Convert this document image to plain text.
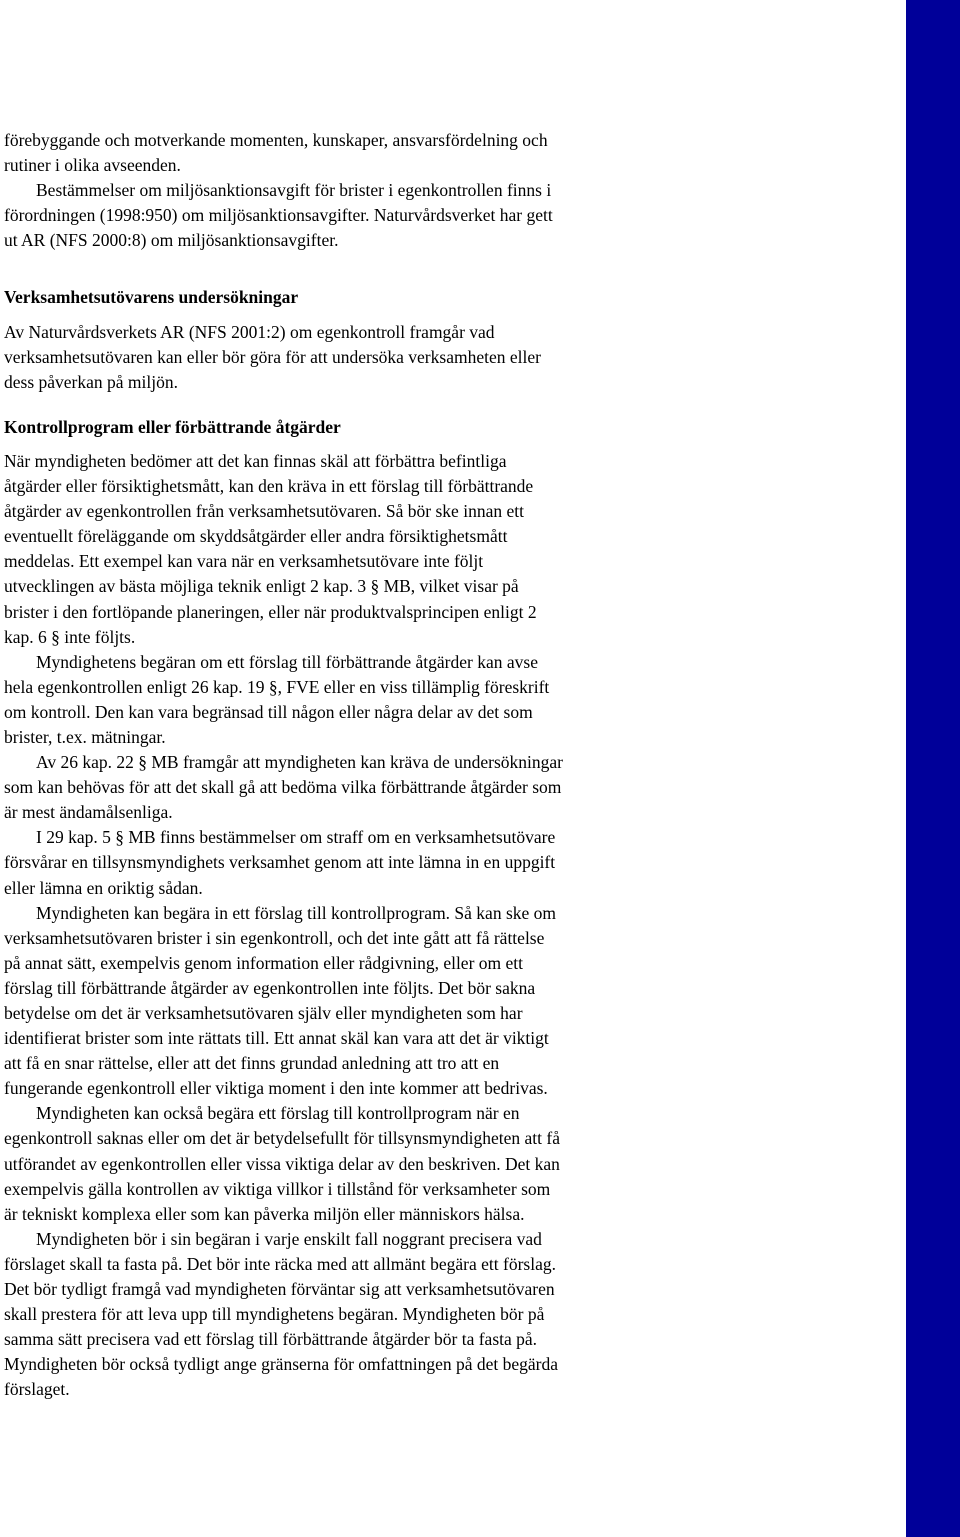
förebyggande och motverkande momenten, kunskaper, ansvarsfördelning och
rutiner i olika avseenden.

Bestämmelser om miljösanktionsavgift för brister i egenkontrollen finns i
förordningen (1998:950) om miljösanktionsavgifter. Naturvårdsverket har gett
ut AR (NFS 2000:8) om miljösanktionsavgifter.

Verksamhetsutövarens undersökningar

Av Naturvårdsverkets AR (NFS 2001:2) om egenkontroll framgår vad
verksamhetsutövaren kan eller bör göra för att undersöka verksamheten eller
dess påverkan på miljön.

Kontrollprogram eller förbättrande åtgärder

När myndigheten bedömer att det kan finnas skäl att förbättra befintliga
åtgärder eller försiktighetsmått, kan den kräva in ett förslag till förbättrande
åtgärder av egenkontrollen från verksamhetsutövaren. Så bör ske innan ett
eventuellt föreläggande om skyddsåtgärder eller andra försiktighetsmått
meddelas. Ett exempel kan vara när en verksamhetsutövare inte följt
utvecklingen av bästa möjliga teknik enligt 2 kap. 3 § MB, vilket visar på
brister i den fortlöpande planeringen, eller när produktvalsprincipen enligt 2
kap. 6 § inte följts.

Myndighetens begäran om ett förslag till förbättrande åtgärder kan avse
hela egenkontrollen enligt 26 kap. 19 §, FVE eller en viss tillämplig föreskrift
om kontroll. Den kan vara begränsad till någon eller några delar av det som
brister, t.ex. mätningar.

Av 26 kap. 22 § MB framgår att myndigheten kan kräva de undersökningar
som kan behövas för att det skall gå att bedöma vilka förbättrande åtgärder som
är mest ändamålsenliga.

I 29 kap. 5 § MB finns bestämmelser om straff om en verksamhetsutövare
försvårar en tillsynsmyndighets verksamhet genom att inte lämna in en uppgift
eller lämna en oriktig sådan.

Myndigheten kan begära in ett förslag till kontrollprogram. Så kan ske om
verksamhetsutövaren brister i sin egenkontroll, och det inte gått att få rättelse
på annat sätt, exempelvis genom information eller rådgivning, eller om ett
förslag till förbättrande åtgärder av egenkontrollen inte följts. Det bör sakna
betydelse om det är verksamhetsutövaren själv eller myndigheten som har
identifierat brister som inte rättats till. Ett annat skäl kan vara att det är viktigt
att få en snar rättelse, eller att det finns grundad anledning att tro att en
fungerande egenkontroll eller viktiga moment i den inte kommer att bedrivas.

Myndigheten kan också begära ett förslag till kontrollprogram när en
egenkontroll saknas eller om det är betydelsefullt för tillsynsmyndigheten att få
utförandet av egenkontrollen eller vissa viktiga delar av den beskriven. Det kan
exempelvis gälla kontrollen av viktiga villkor i tillstånd för verksamheter som
är tekniskt komplexa eller som kan påverka miljön eller människors hälsa.

Myndigheten bör i sin begäran i varje enskilt fall noggrant precisera vad
förslaget skall ta fasta på. Det bör inte räcka med att allmänt begära ett förslag.
Det bör tydligt framgå vad myndigheten förväntar sig att verksamhetsutövaren
skall prestera för att leva upp till myndighetens begäran. Myndigheten bör på
samma sätt precisera vad ett förslag till förbättrande åtgärder bör ta fasta på.
Myndigheten bör också tydligt ange gränserna för omfattningen på det begärda
förslaget.
